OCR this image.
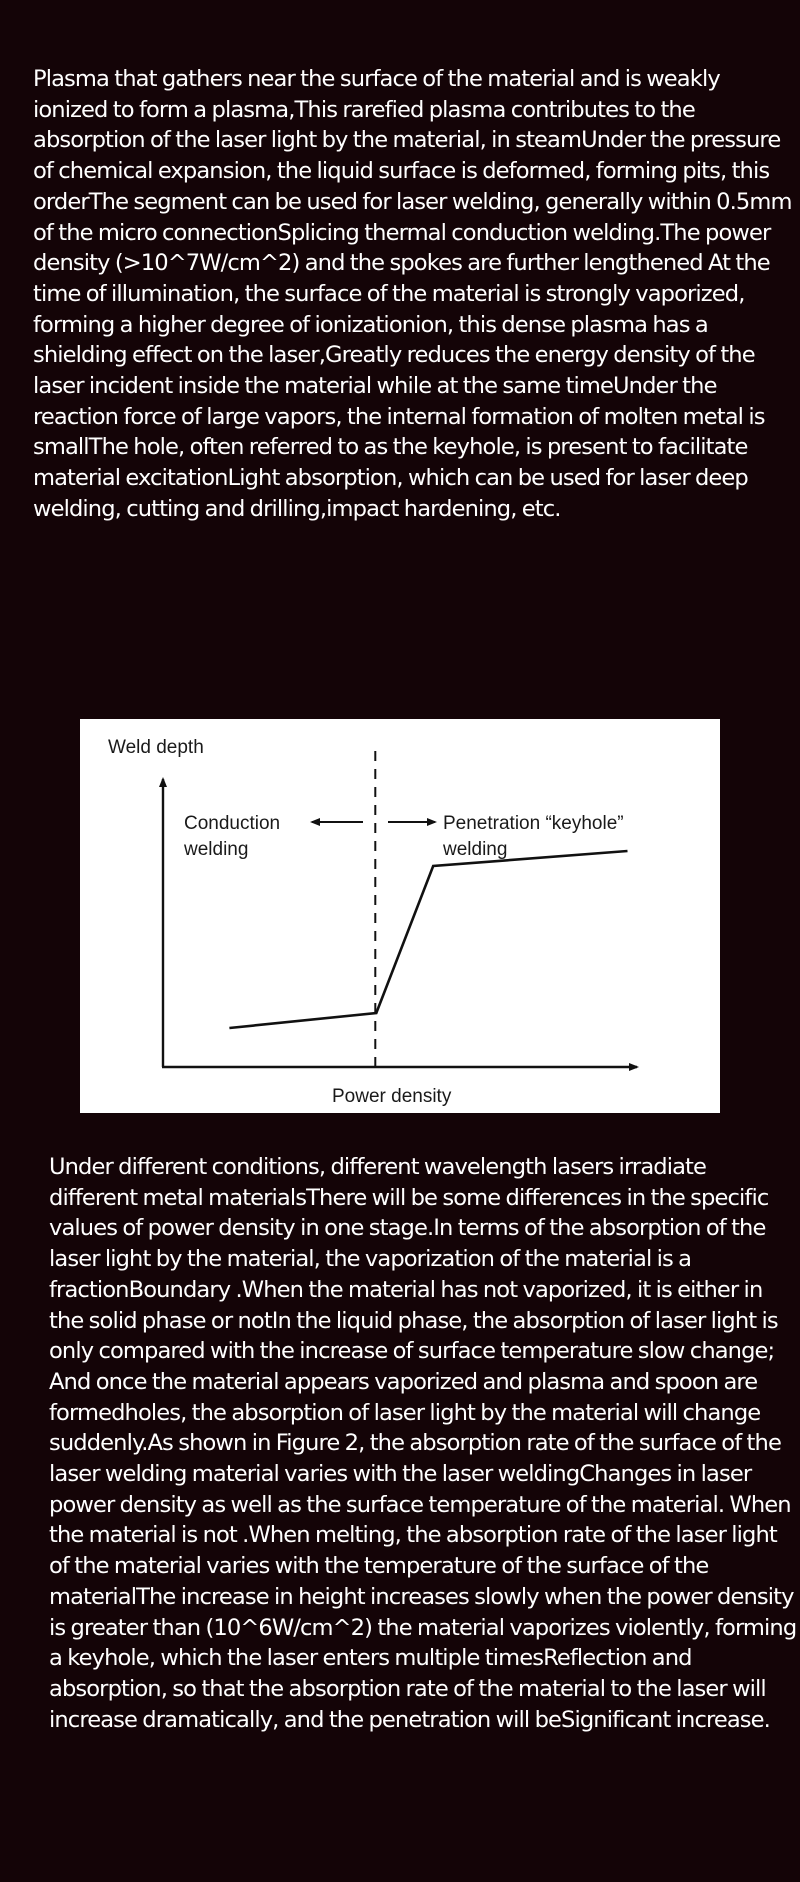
Plasma that gathers near the surface of the material and is weakly ionized to form a plasma,This rarefied plasma contributes to the absorption of the laser light by the material, in steamUnder the pressure of chemical expansion, the liquid surface is deformed, forming pits, this orderThe segment can be used for laser welding, generally within 0.5mm of the micro connectionSplicing thermal conduction welding.The power density (>10^7W/cm^2) and the spokes are further lengthened At the time of illumination, the surface of the material is strongly vaporized, forming a higher degree of ionizationion, this dense plasma has a shielding effect on the laser,Greatly reduces the energy density of the laser incident inside the material while at the same timeUnder the reaction force of large vapors, the internal formation of molten metal is smallThe hole, often referred to as the keyhole, is present to facilitate material excitationLight absorption, which can be used for laser deep welding, cutting and drilling,impact hardening, etc.

Weld depth
Power density
Conduction
welding
Penetration “keyhole”
welding

Under different conditions, different wavelength lasers irradiate different metal materialsThere will be some differences in the specific values of power density in one stage.In terms of the absorption of the laser light by the material, the vaporization of the material is a fractionBoundary .When the material has not vaporized, it is either in the solid phase or notIn the liquid phase, the absorption of laser light is only compared with the increase of surface temperature slow change; And once the material appears vaporized and plasma and spoon are formedholes, the absorption of laser light by the material will change suddenly.As shown in Figure 2, the absorption rate of the surface of the laser welding material varies with the laser weldingChanges in laser power density as well as the surface temperature of the material. When the material is not .When melting, the absorption rate of the laser light of the material varies with the temperature of the surface of the materialThe increase in height increases slowly when the power density is greater than (10^6W/cm^2) the material vaporizes violently, forming a keyhole, which the laser enters multiple timesReflection and absorption, so that the absorption rate of the material to the laser will increase dramatically, and the penetration will beSignificant increase.
